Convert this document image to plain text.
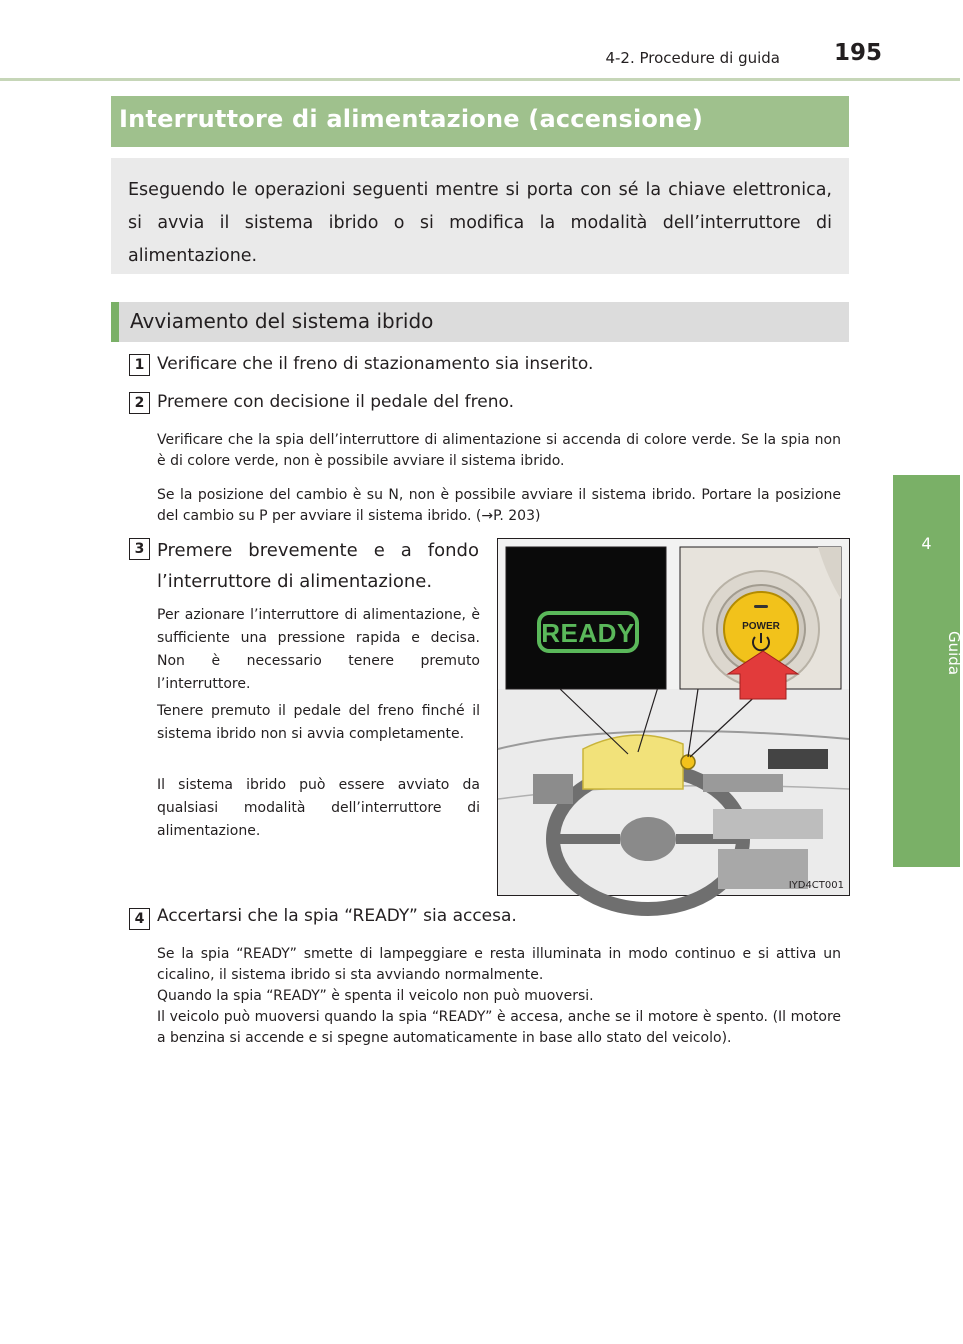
4-2. Procedure di guida	195
4
Guida
Interruttore di alimentazione (accensione)
Eseguendo le operazioni seguenti mentre si porta con sé la chiave elettronica, si avvia il sistema ibrido o si modifica la modalità dell’interruttore di alimentazione.
Avviamento del sistema ibrido
1 Verificare che il freno di stazionamento sia inserito.
2 Premere con decisione il pedale del freno.
Verificare che la spia dell’interruttore di alimentazione si accenda di colore verde. Se la spia non è di colore verde, non è possibile avviare il sistema ibrido.
Se la posizione del cambio è su N, non è possibile avviare il sistema ibrido. Portare la posizione del cambio su P per avviare il sistema ibrido. (→P. 203)
3 Premere brevemente e a fondo l’interruttore di alimentazione.
Per azionare l’interruttore di alimentazione, è sufficiente una pressione rapida e decisa. Non è necessario tenere premuto l’interruttore.
Tenere premuto il pedale del freno finché il sistema ibrido non si avvia completamente.
Il sistema ibrido può essere avviato da qualsiasi modalità dell’interruttore di alimentazione.
READY	POWER
IYD4CT001
4 Accertarsi che la spia “READY” sia accesa.
Se la spia “READY” smette di lampeggiare e resta illuminata in modo continuo e si attiva un cicalino, il sistema ibrido si sta avviando normalmente.
Quando la spia “READY” è spenta il veicolo non può muoversi.
Il veicolo può muoversi quando la spia “READY” è accesa, anche se il motore è spento. (Il motore a benzina si accende e si spegne automaticamente in base allo stato del veicolo).
